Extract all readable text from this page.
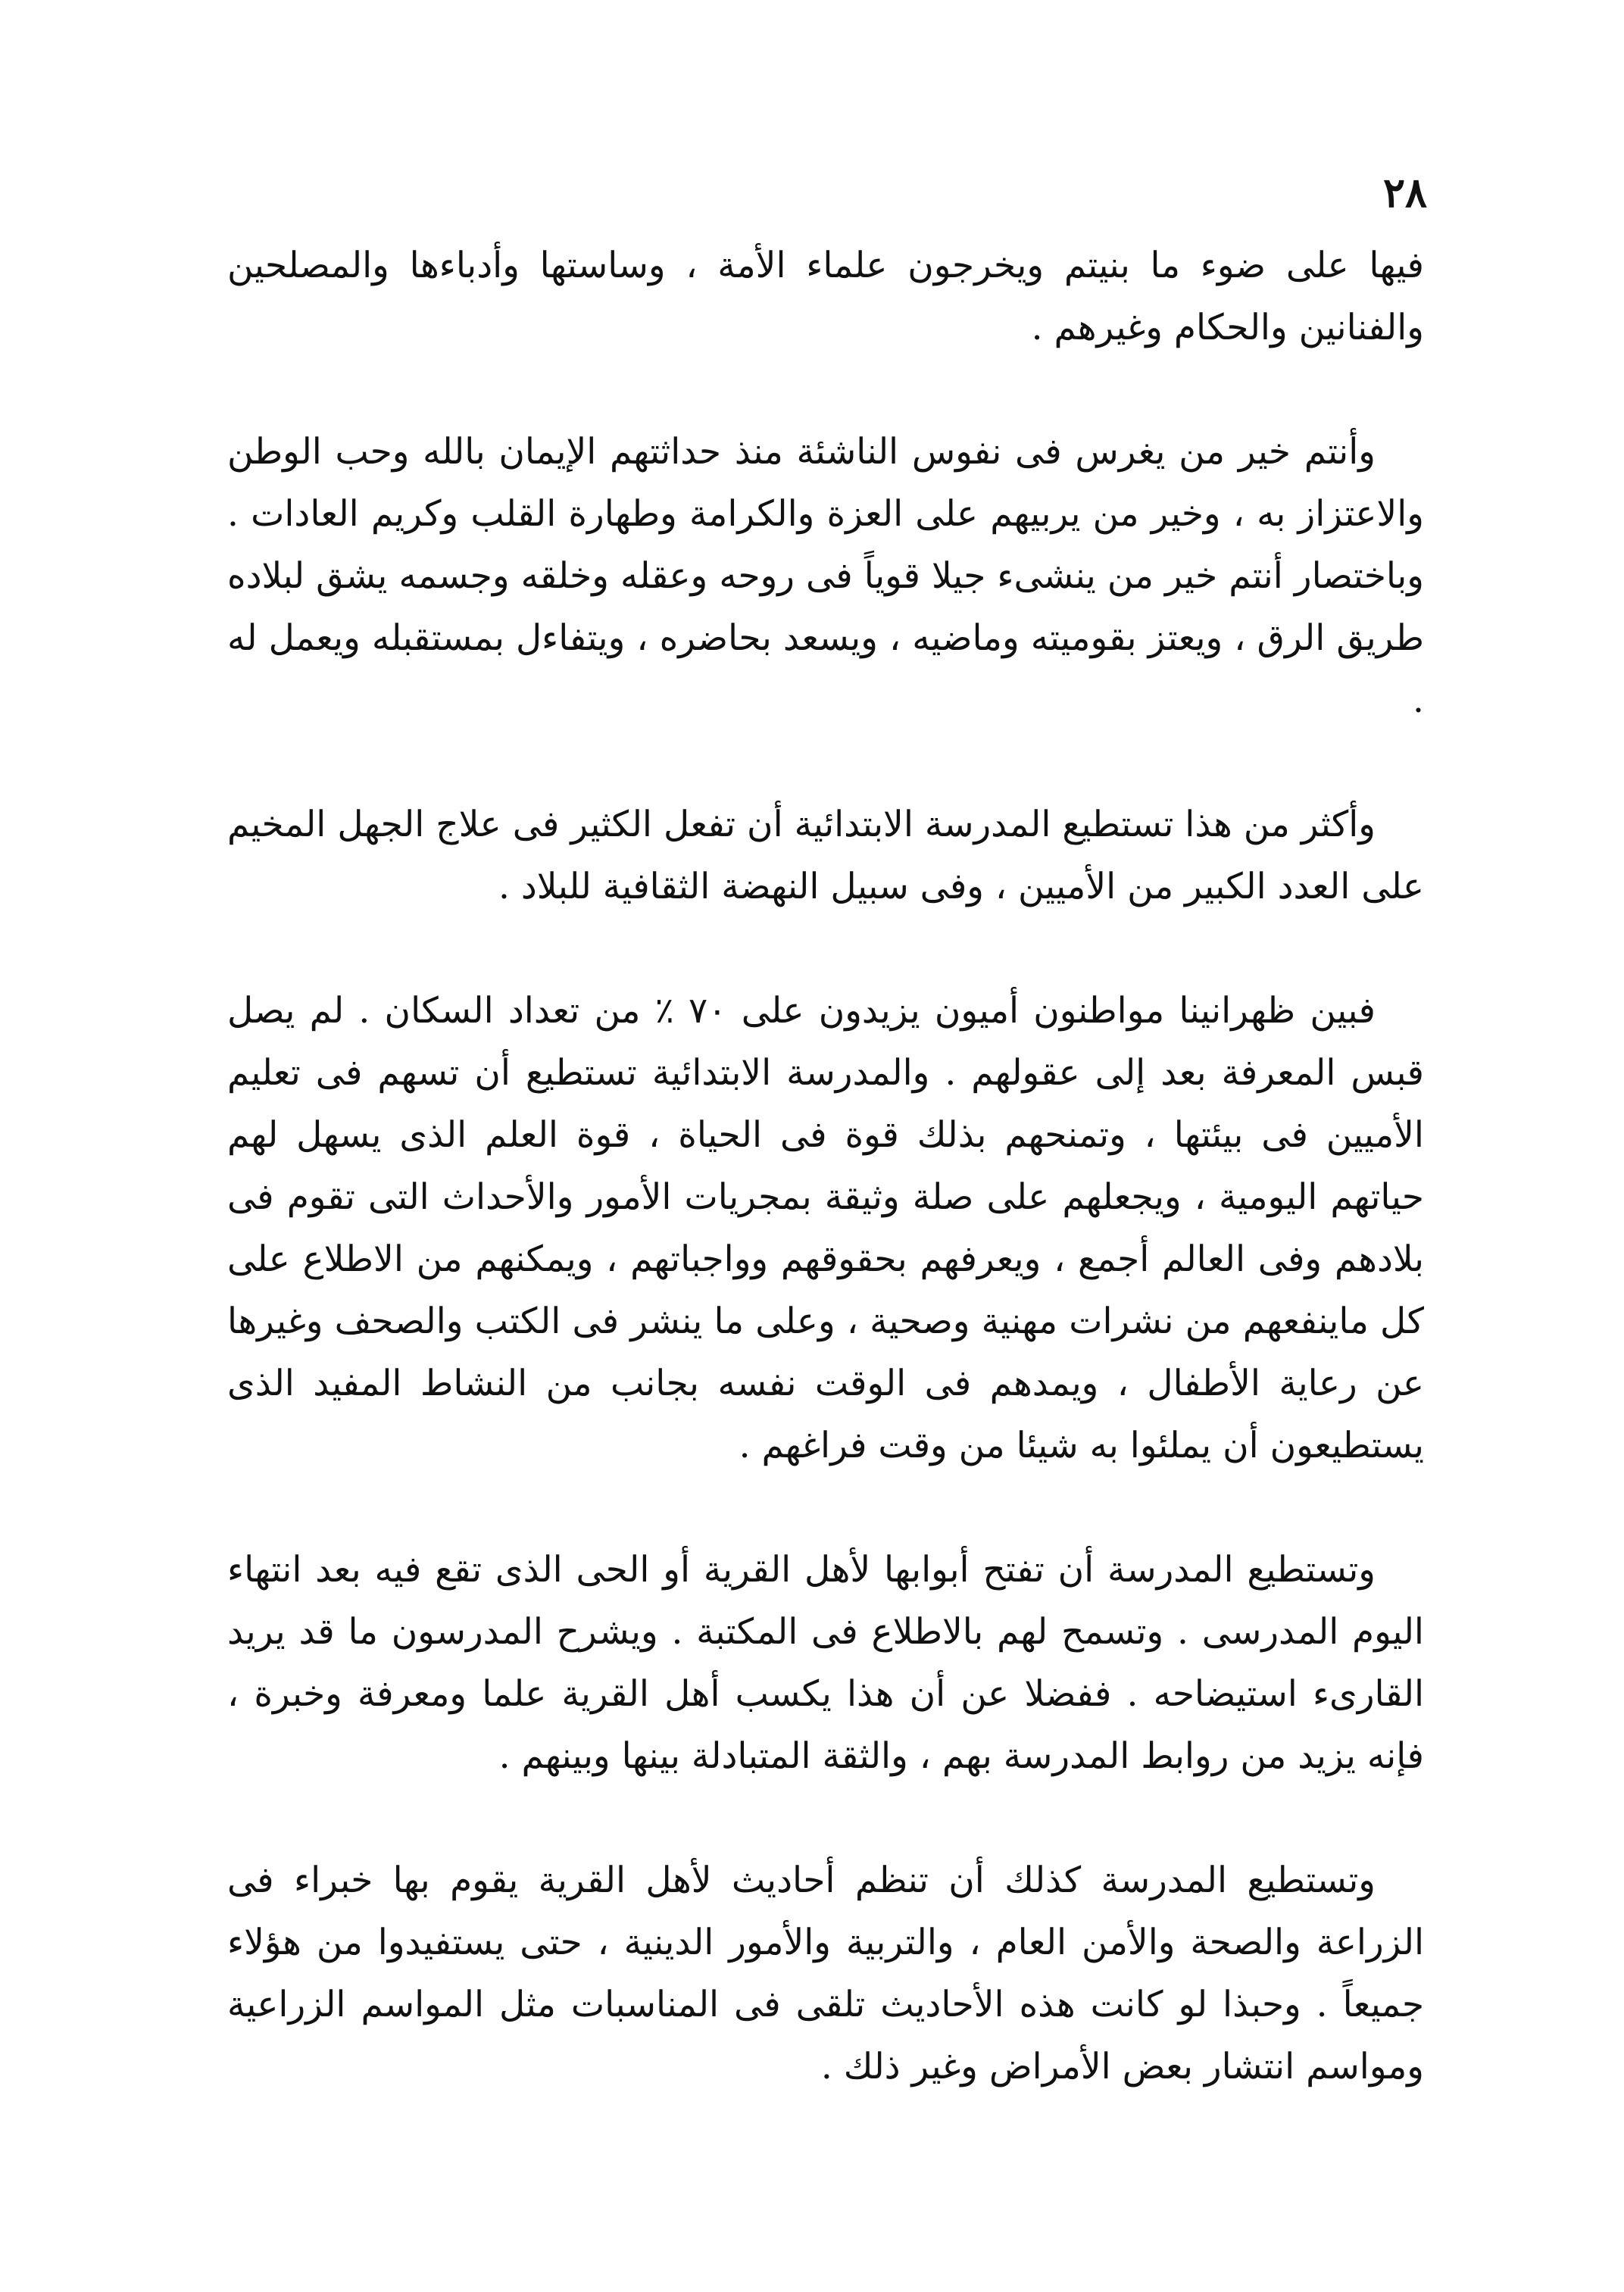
٢٨

فيها على ضوء ما بنيتم ويخرجون علماء الأمة ، وساستها وأدباءها والمصلحين والفنانين والحكام وغيرهم .

وأنتم خير من يغرس فى نفوس الناشئة منذ حداثتهم الإيمان بالله وحب الوطن والاعتزاز به ، وخير من يربيهم على العزة والكرامة وطهارة القلب وكريم العادات . وباختصار أنتم خير من ينشىء جيلا قوياً فى روحه وعقله وخلقه وجسمه يشق لبلاده طريق الرق ، ويعتز بقوميته وماضيه ، ويسعد بحاضره ، ويتفاءل بمستقبله ويعمل له .

وأكثر من هذا تستطيع المدرسة الابتدائية أن تفعل الكثير فى علاج الجهل المخيم على العدد الكبير من الأميين ، وفى سبيل النهضة الثقافية للبلاد .

فبين ظهرانينا مواطنون أميون يزيدون على ٧٠ ٪ من تعداد السكان . لم يصل قبس المعرفة بعد إلى عقولهم . والمدرسة الابتدائية تستطيع أن تسهم فى تعليم الأميين فى بيئتها ، وتمنحهم بذلك قوة فى الحياة ، قوة العلم الذى يسهل لهم حياتهم اليومية ، ويجعلهم على صلة وثيقة بمجريات الأمور والأحداث التى تقوم فى بلادهم وفى العالم أجمع ، ويعرفهم بحقوقهم وواجباتهم ، ويمكنهم من الاطلاع على كل ماينفعهم من نشرات مهنية وصحية ، وعلى ما ينشر فى الكتب والصحف وغيرها عن رعاية الأطفال ، ويمدهم فى الوقت نفسه بجانب من النشاط المفيد الذى يستطيعون أن يملئوا به شيئا من وقت فراغهم .

وتستطيع المدرسة أن تفتح أبوابها لأهل القرية أو الحى الذى تقع فيه بعد انتهاء اليوم المدرسى . وتسمح لهم بالاطلاع فى المكتبة . ويشرح المدرسون ما قد يريد القارىء استيضاحه . ففضلا عن أن هذا يكسب أهل القرية علما ومعرفة وخبرة ، فإنه يزيد من روابط المدرسة بهم ، والثقة المتبادلة بينها وبينهم .

وتستطيع المدرسة كذلك أن تنظم أحاديث لأهل القرية يقوم بها خبراء فى الزراعة والصحة والأمن العام ، والتربية والأمور الدينية ، حتى يستفيدوا من هؤلاء جميعاً . وحبذا لو كانت هذه الأحاديث تلقى فى المناسبات مثل المواسم الزراعية ومواسم انتشار بعض الأمراض وغير ذلك .
